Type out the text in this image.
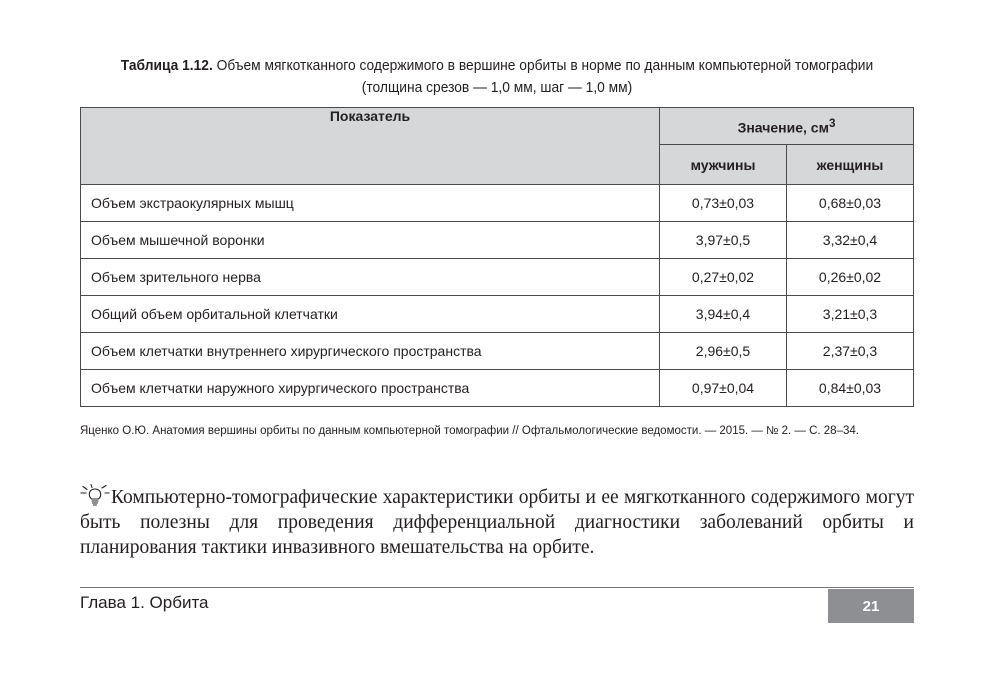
Таблица 1.12. Объем мягкотканного содержимого в вершине орбиты в норме по данным компьютерной томографии (толщина срезов — 1,0 мм, шаг — 1,0 мм)
Показатель	Значение, $см^3$
	мужчины	женщины
Объем экстраокулярных мышц	0,73±0,03	0,68±0,03
Объем мышечной воронки	3,97±0,5	3,32±0,4
Объем зрительного нерва	0,27±0,02	0,26±0,02
Общий объем орбитальной клетчатки	3,94±0,4	3,21±0,3
Объем клетчатки внутреннего хирургического пространства	2,96±0,5	2,37±0,3
Объем клетчатки наружного хирургического пространства	0,97±0,04	0,84±0,03
Яценко О.Ю. Анатомия вершины орбиты по данным компьютерной томографии // Офтальмологические ведомости. — 2015. — № 2. — С. 28–34.
Компьютерно-томографические характеристики орбиты и ее мягкотканного содержимого могут быть полезны для проведения дифференциальной диагностики заболеваний орбиты и планирования тактики инвазивного вмешательства на орбите.
Глава 1. Орбита	21
